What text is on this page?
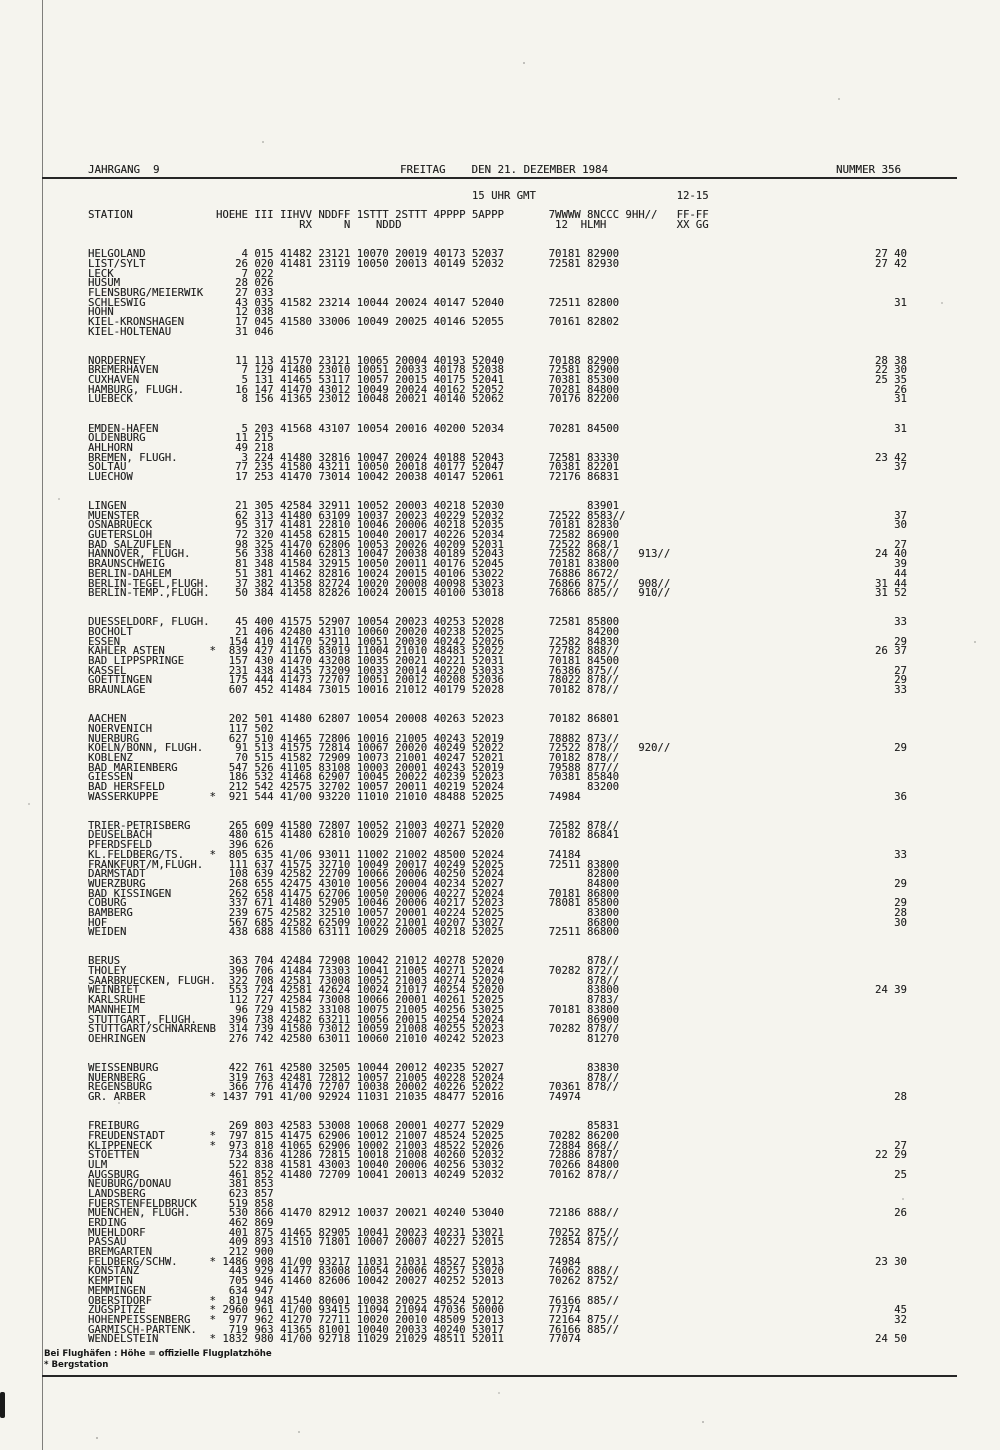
JAHRGANG  9	FREITAG    DEN 21. DEZEMBER 1984	NUMMER 356
15 UHR GMT                      12-15
STATION             HOEHE III IIHVV NDDFF 1STTT 2STTT 4PPPP 5APPP       7WWWW 8NCCC 9HH//   FF-FF
RX     N    NDDD                        12  HLMH           XX GG
HELGOLAND               4 015 41482 23121 10070 20019 40173 52037       70181 82900                                        27 40
LIST/SYLT              26 020 41481 23119 10050 20013 40149 52032       72581 82930                                        27 42
LECK                    7 022
HUSUM                  28 026
FLENSBURG/MEIERWIK     27 033
SCHLESWIG              43 035 41582 23214 10044 20024 40147 52040       72511 82800                                           31
HOHN                   12 038
KIEL-KRONSHAGEN        17 045 41580 33006 10049 20025 40146 52055       70161 82802
KIEL-HOLTENAU          31 046
NORDERNEY              11 113 41570 23121 10065 20004 40193 52040       70188 82900                                        28 38
BREMERHAVEN             7 129 41480 23010 10051 20033 40178 52038       72581 82900                                        22 30
CUXHAVEN                5 131 41465 53117 10057 20015 40175 52041       70381 85300                                        25 35
HAMBURG, FLUGH.        16 147 41470 43012 10049 20024 40162 52052       70281 84800                                           26
LUEBECK                 8 156 41365 23012 10048 20021 40140 52062       70176 82200                                           31
EMDEN-HAFEN             5 203 41568 43107 10054 20016 40200 52034       70281 84500                                           31
OLDENBURG              11 215
AHLHORN                49 218
BREMEN, FLUGH.          3 224 41480 32816 10047 20024 40188 52043       72581 83330                                        23 42
SOLTAU                 77 235 41580 43211 10050 20018 40177 52047       70381 82201                                           37
LUECHOW                17 253 41470 73014 10042 20038 40147 52061       72176 86831
LINGEN                 21 305 42584 32911 10052 20003 40218 52030             83901
MUENSTER               62 313 41480 63109 10037 20023 40229 52032       72522 8583//                                          37
OSNABRUECK             95 317 41481 22810 10046 20006 40218 52035       70181 82830                                           30
GUETERSLOH             72 320 41458 62815 10040 20017 40226 52034       72582 86900
BAD SALZUFLEN          98 325 41470 62806 10053 20026 40209 52031       72522 868/1                                           27
HANNOVER, FLUGH.       56 338 41460 62813 10047 20038 40189 52043       72582 868//   913//                                24 40
BRAUNSCHWEIG           81 348 41584 32915 10050 20011 40176 52045       70181 83800                                           39
BERLIN-DAHLEM          51 381 41462 82816 10024 20015 40106 53022       76886 8672/                                           44
BERLIN-TEGEL,FLUGH.    37 382 41358 82724 10020 20008 40098 53023       76866 875//   908//                                31 44
BERLIN-TEMP.,FLUGH.    50 384 41458 82826 10024 20015 40100 53018       76866 885//   910//                                31 52
DUESSELDORF, FLUGH.    45 400 41575 52907 10054 20023 40253 52028       72581 85800                                           33
BOCHOLT                21 406 42480 43110 10060 20020 40238 52025             84200
ESSEN                 154 410 41470 52911 10051 20030 40242 52026       72582 84830                                           29
KAHLER ASTEN       *  839 427 41165 83019 11004 21010 48483 52022       72782 888//                                        26 37
BAD LIPPSPRINGE       157 430 41470 43208 10035 20021 40221 52031       70181 84500
KASSEL                231 438 41435 73209 10033 20014 40220 53033       76386 875//                                           27
GOETTINGEN            175 444 41473 72707 10051 20012 40208 52036       78022 878//                                           29
BRAUNLAGE             607 452 41484 73015 10016 21012 40179 52028       70182 878//                                           33
AACHEN                202 501 41480 62807 10054 20008 40263 52023       70182 86801
NOERVENICH            117 502
NUERBURG              627 510 41465 72806 10016 21005 40243 52019       78882 873//
KOELN/BONN, FLUGH.     91 513 41575 72814 10067 20020 40249 52022       72522 878//   920//                                   29
KOBLENZ                70 515 41582 72909 10073 21001 40247 52021       70182 878//
BAD MARIENBERG        547 526 41105 83108 10003 20001 40243 52019       79588 877//
GIESSEN               186 532 41468 62907 10045 20022 40239 52023       70381 85840
BAD HERSFELD          212 542 42575 32702 10057 20011 40219 52024             83200
WASSERKUPPE        *  921 544 41/00 93220 11010 21010 48488 52025       74984                                                 36
TRIER-PETRISBERG      265 609 41580 72807 10052 21003 40271 52020       72582 878//
DEUSELBACH            480 615 41480 62810 10029 21007 40267 52020       70182 86841
PFERDSFELD            396 626
KL.FELDBERG/TS.    *  805 635 41/06 93011 11002 21002 48500 52024       74184                                                 33
FRANKFURT/M,FLUGH.    111 637 41575 32710 10049 20017 40249 52025       72511 83800
DARMSTADT             108 639 42582 22709 10066 20006 40250 52024             82800
WUERZBURG             268 655 42475 43010 10056 20004 40234 52027             84800                                           29
BAD KISSINGEN         262 658 41475 62706 10050 20006 40227 52024       70181 86800
COBURG                337 671 41480 52905 10046 20006 40217 52023       78081 85800                                           29
BAMBERG               239 675 42582 32510 10057 20001 40224 52025             83800                                           28
HOF                   567 685 42582 62509 10022 21001 40207 53027             86800                                           30
WEIDEN                438 688 41580 63111 10029 20005 40218 52025       72511 86800
BERUS                 363 704 42484 72908 10042 21012 40278 52020             878//
THOLEY                396 706 41484 73303 10041 21005 40271 52024       70282 872//
SAARBRUECKEN, FLUGH.  322 708 42581 73008 10052 21003 40274 52020             878//
WEINBIET              553 724 42581 42624 10024 21017 40254 52020             83800                                        24 39
KARLSRUHE             112 727 42584 73008 10066 20001 40261 52025             8783/
MANNHEIM               96 729 41582 33108 10075 21005 40256 53025       70181 83800
STUTTGART, FLUGH.     396 738 42482 63211 10056 20015 40254 52024             86900
STUTTGART/SCHNARRENB  314 739 41580 73012 10059 21008 40255 52023       70282 878//
OEHRINGEN             276 742 42580 63011 10060 21010 40242 52023             81270
WEISSENBURG           422 761 42580 32505 10044 20012 40235 52027             83830
NUERNBERG             319 763 42481 72812 10057 21005 40228 52024             878//
REGENSBURG            366 776 41470 72707 10038 20002 40226 52022       70361 878//
GR. ARBER          * 1437 791 41/00 92924 11031 21035 48477 52016       74974                                                 28
FREIBURG              269 803 42583 53008 10068 20001 40277 52029             85831
FREUDENSTADT       *  797 815 41475 62906 10012 21007 48524 52025       70282 86200
KLIPPENECK         *  973 818 41065 62906 10002 21003 48522 52026       72884 868//                                           27
STOETTEN              734 836 41286 72815 10018 21008 40260 52032       72886 8787/                                        22 29
ULM                   522 838 41581 43003 10040 20006 40256 53032       70266 84800
AUGSBURG              461 852 41480 72709 10041 20013 40249 52032       70162 878//                                           25
NEUBURG/DONAU         381 853
LANDSBERG             623 857
FUERSTENFELDBRUCK     519 858
MUENCHEN, FLUGH.      530 866 41470 82912 10037 20021 40240 53040       72186 888//                                           26
ERDING                462 869
MUEHLDORF             401 875 41465 82905 10041 20023 40231 53021       70252 875//
PASSAU                409 893 41510 71801 10007 20007 40227 52015       72854 875//
BREMGARTEN            212 900
FELDBERG/SCHW.     * 1486 908 41/00 93217 11031 21031 48527 52013       74984                                              23 30
KONSTANZ              443 929 41477 83008 10054 20006 40257 53020       76062 888//
KEMPTEN               705 946 41460 82606 10042 20027 40252 52013       70262 8752/
MEMMINGEN             634 947
OBERSTDORF         *  810 948 41540 80601 10038 20025 48524 52012       76166 885//
ZUGSPITZE          * 2960 961 41/00 93415 11094 21094 47036 50000       77374                                                 45
HOHENPEISSENBERG   *  977 962 41270 72711 10020 20010 48509 52013       72164 875//                                           32
GARMISCH-PARTENK.     719 963 41365 81001 10040 20033 40240 53017       76166 885//
WENDELSTEIN        * 1832 980 41/00 92718 11029 21029 48511 52011       77074                                              24 50
Bei Flughäfen : Höhe = offizielle Flugplatzhöhe
* Bergstation
